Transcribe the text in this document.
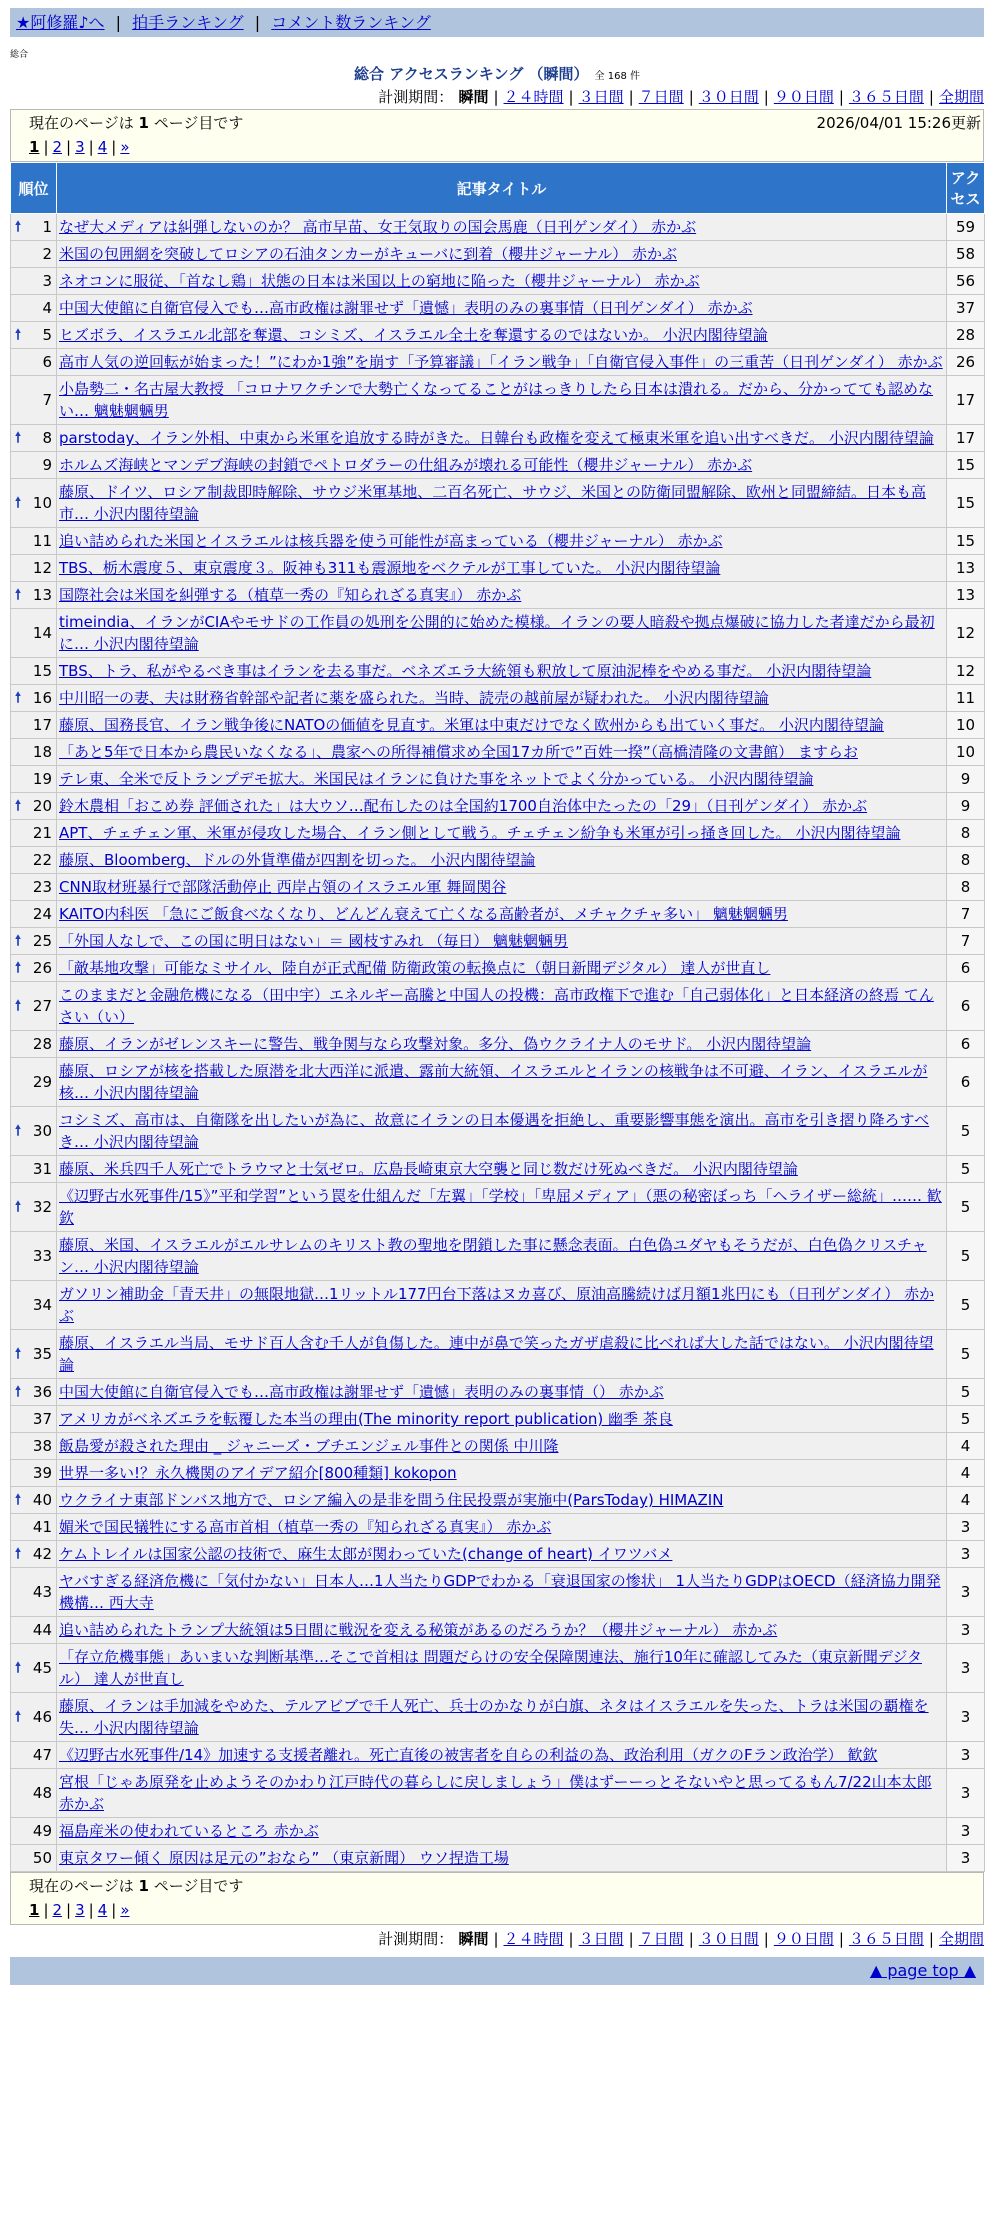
★阿修羅♪へ | 拍手ランキング | コメント数ランキング
総合
総合 アクセスランキング （瞬間） 全 168 件
計測期間： 瞬間 | ２４時間 | ３日間 | ７日間 | ３０日間 | ９０日間 | ３６５日間 | 全期間
現在のページは 1 ページ目です	2026/04/01 15:26更新
1 | 2 | 3 | 4 | »
順位	記事タイトル	アクセス

🠕 1	なぜ大メディアは糾弾しないのか？ 高市早苗、女王気取りの国会馬鹿（日刊ゲンダイ） 赤かぶ	59
2	米国の包囲網を突破してロシアの石油タンカーがキューバに到着（櫻井ジャーナル） 赤かぶ	58
3	ネオコンに服従、「首なし鶏」状態の日本は米国以上の窮地に陥った（櫻井ジャーナル） 赤かぶ	56
4	中国大使館に自衛官侵入でも…高市政権は謝罪せず「遺憾」表明のみの裏事情（日刊ゲンダイ） 赤かぶ	37

🠕 5	ヒズボラ、イスラエル北部を奪還、コシミズ、イスラエル全土を奪還するのではないか。 小沢内閣待望論	28
6	高市人気の逆回転が始まった！”にわか1強”を崩す「予算審議」「イラン戦争」「自衛官侵入事件」の三重苦（日刊ゲンダイ） 赤かぶ	26
7	小島勢二・名古屋大教授 「コロナワクチンで大勢亡くなってることがはっきりしたら日本は潰れる。だから、分かってても認めない… 魑魅魍魎男	17

🠕 8	parstoday、イラン外相、中東から米軍を追放する時がきた。日韓台も政権を変えて極東米軍を追い出すべきだ。 小沢内閣待望論	17
9	ホルムズ海峡とマンデブ海峡の封鎖でペトロダラーの仕組みが壊れる可能性（櫻井ジャーナル） 赤かぶ	15

🠕 10	藤原、ドイツ、ロシア制裁即時解除、サウジ米軍基地、二百名死亡、サウジ、米国との防衛同盟解除、欧州と同盟締結。日本も高市… 小沢内閣待望論	15
11	追い詰められた米国とイスラエルは核兵器を使う可能性が高まっている（櫻井ジャーナル） 赤かぶ	15
12	TBS、栃木震度５、東京震度３。阪神も311も震源地をベクテルが工事していた。 小沢内閣待望論	13

🠕 13	国際社会は米国を糾弾する（植草一秀の『知られざる真実』） 赤かぶ	13
14	timeindia、イランがCIAやモサドの工作員の処刑を公開的に始めた模様。イランの要人暗殺や拠点爆破に協力した者達だから最初に… 小沢内閣待望論	12
15	TBS、トラ、私がやるべき事はイランを去る事だ。ベネズエラ大統領も釈放して原油泥棒をやめる事だ。 小沢内閣待望論	12

🠕 16	中川昭一の妻、夫は財務省幹部や記者に薬を盛られた。当時、読売の越前屋が疑われた。 小沢内閣待望論	11
17	藤原、国務長官、イラン戦争後にNATOの価値を見直す。米軍は中東だけでなく欧州からも出ていく事だ。 小沢内閣待望論	10
18	「あと5年で日本から農民いなくなる」、農家への所得補償求め全国17カ所で”百姓一揆”（高橋清隆の文書館） ますらお	10
19	テレ東、全米で反トランプデモ拡大。米国民はイランに負けた事をネットでよく分かっている。 小沢内閣待望論	9

🠕 20	鈴木農相「おこめ券 評価された」は大ウソ…配布したのは全国約1700自治体中たったの「29」（日刊ゲンダイ） 赤かぶ	9
21	APT、チェチェン軍、米軍が侵攻した場合、イラン側として戦う。チェチェン紛争も米軍が引っ掻き回した。 小沢内閣待望論	8
22	藤原、Bloomberg、ドルの外貨準備が四割を切った。 小沢内閣待望論	8
23	CNN取材班暴行で部隊活動停止 西岸占領のイスラエル軍 舞岡関谷	8
24	KAITO内科医 「急にご飯食べなくなり、どんどん衰えて亡くなる高齢者が、メチャクチャ多い」 魑魅魍魎男	7

🠕 25	「外国人なしで、この国に明日はない」＝ 國枝すみれ （毎日） 魑魅魍魎男	7

🠕 26	「敵基地攻撃」可能なミサイル、陸自が正式配備 防衛政策の転換点に（朝日新聞デジタル） 達人が世直し	6

🠕 27	このままだと金融危機になる（田中宇）エネルギー高騰と中国人の投機：高市政権下で進む「自己弱体化」と日本経済の終焉 てんさい（い）	6
28	藤原、イランがゼレンスキーに警告、戦争関与なら攻撃対象。多分、偽ウクライナ人のモサド。 小沢内閣待望論	6
29	藤原、ロシアが核を搭載した原潜を北大西洋に派遣、露前大統領、イスラエルとイランの核戦争は不可避、イラン、イスラエルが核… 小沢内閣待望論	6

🠕 30	コシミズ、高市は、自衛隊を出したいが為に、故意にイランの日本優遇を拒絶し、重要影響事態を演出。高市を引き摺り降ろすべき… 小沢内閣待望論	5
31	藤原、米兵四千人死亡でトラウマと士気ゼロ。広島長崎東京大空襲と同じ数だけ死ぬべきだ。 小沢内閣待望論	5

🠕 32	《辺野古水死事件/15》”平和学習”という罠を仕組んだ「左翼」「学校」「卑屈メディア」（悪の秘密ぼっち「ヘライザー総統」…… 歓欽	5
33	藤原、米国、イスラエルがエルサレムのキリスト教の聖地を閉鎖した事に懸念表面。白色偽ユダヤもそうだが、白色偽クリスチャン… 小沢内閣待望論	5
34	ガソリン補助金「青天井」の無限地獄…1リットル177円台下落はヌカ喜び、原油高騰続けば月額1兆円にも（日刊ゲンダイ） 赤かぶ	5

🠕 35	藤原、イスラエル当局、モサド百人含む千人が負傷した。連中が鼻で笑ったガザ虐殺に比べれば大した話ではない。 小沢内閣待望論	5

🠕 36	中国大使館に自衛官侵入でも…高市政権は謝罪せず「遺憾」表明のみの裏事情（） 赤かぶ	5
37	アメリカがベネズエラを転覆した本当の理由(The minority report publication) 幽季 茶良	5
38	飯島愛が殺された理由 _ ジャニーズ・ブチエンジェル事件との関係 中川隆	4
39	世界一多い!？永久機関のアイデア紹介[800種類] kokopon	4

🠕 40	ウクライナ東部ドンバス地方で、ロシア編入の是非を問う住民投票が実施中(ParsToday) HIMAZIN	4
41	媚米で国民犠牲にする高市首相（植草一秀の『知られざる真実』） 赤かぶ	3

🠕 42	ケムトレイルは国家公認の技術で、麻生太郎が関わっていた(change of heart) イワツバメ	3
43	ヤバすぎる経済危機に「気付かない」日本人…1人当たりGDPでわかる「衰退国家の惨状」 1人当たりGDPはOECD（経済協力開発機構… 西大寺	3
44	追い詰められたトランプ大統領は5日間に戦況を変える秘策があるのだろうか？（櫻井ジャーナル） 赤かぶ	3

🠕 45	「存立危機事態」あいまいな判断基準…そこで首相は 問題だらけの安全保障関連法、施行10年に確認してみた（東京新聞デジタル） 達人が世直し	3

🠕 46	藤原、イランは手加減をやめた、テルアビブで千人死亡、兵士のかなりが白旗、ネタはイスラエルを失った、トラは米国の覇権を失… 小沢内閣待望論	3
47	《辺野古水死事件/14》加速する支援者離れ。死亡直後の被害者を自らの利益の為、政治利用（ガクのFラン政治学） 歓欽	3
48	宮根「じゃあ原発を止めようそのかわり江戸時代の暮らしに戻しましょう」僕はずーーっとそないやと思ってるもん7/22山本太郎 赤かぶ	3
49	福島産米の使われているところ 赤かぶ	3
50	東京タワー傾く 原因は足元の”おなら” （東京新聞） ウソ捏造工場	3
現在のページは 1 ページ目です
1 | 2 | 3 | 4 | »
計測期間： 瞬間 | ２４時間 | ３日間 | ７日間 | ３０日間 | ９０日間 | ３６５日間 | 全期間
▲ page top ▲
